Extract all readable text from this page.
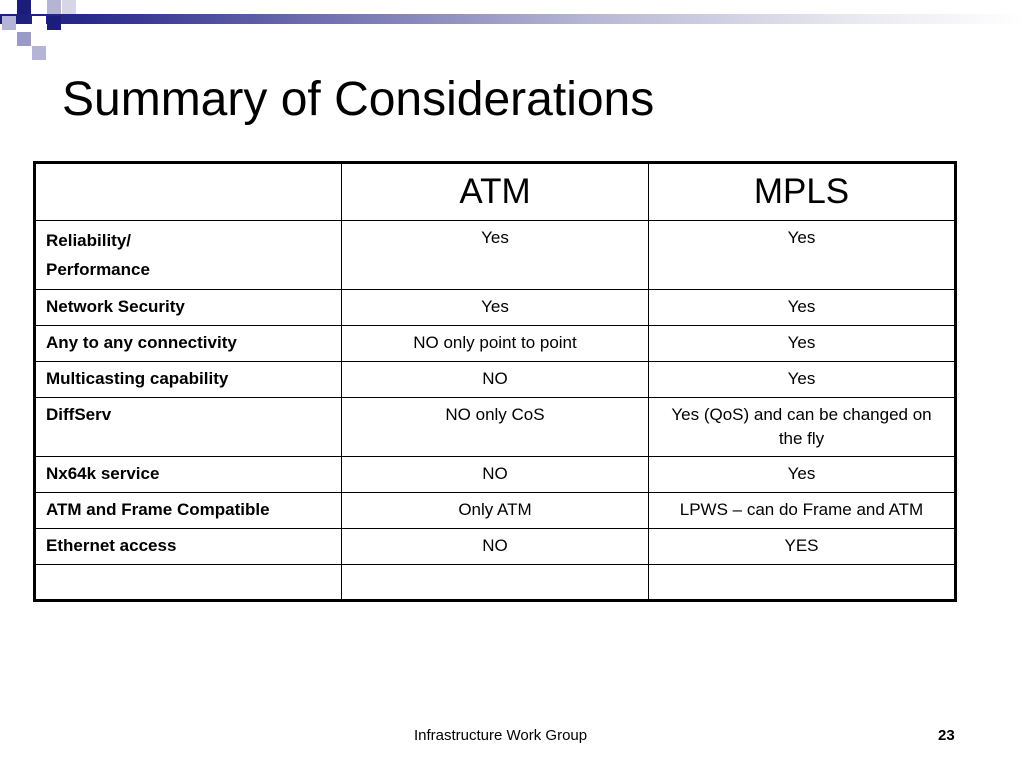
Summary of Considerations
	ATM	MPLS

Reliability/
Performance	Yes	Yes
Network Security	Yes	Yes
Any to any connectivity	NO only point to point	Yes
Multicasting capability	NO	Yes
DiffServ	NO only CoS	Yes (QoS) and can be changed on the fly
Nx64k service	NO	Yes
ATM and Frame Compatible	Only ATM	LPWS – can do Frame and ATM
Ethernet access	NO	YES

Infrastructure Work Group	23
